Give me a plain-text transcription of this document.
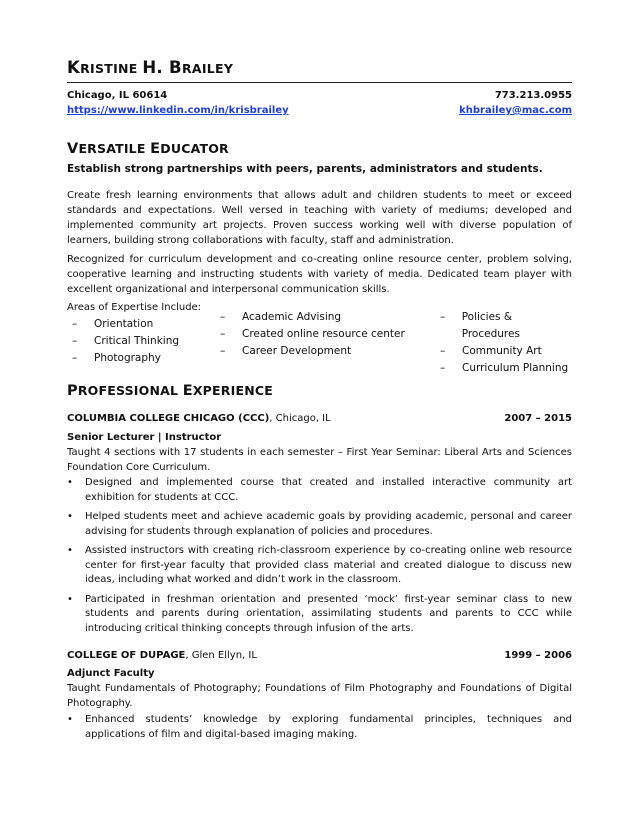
KRISTINE H. BRAILEY
Chicago, IL 60614	773.213.0955
https://www.linkedin.com/in/krisbrailey	khbrailey@mac.com
VERSATILE EDUCATOR
Establish strong partnerships with peers, parents, administrators and students.
Create fresh learning environments that allows adult and children students to meet or exceed standards and expectations. Well versed in teaching with variety of mediums; developed and implemented community art projects. Proven success working well with diverse population of learners, building strong collaborations with faculty, staff and administration.
Recognized for curriculum development and co-creating online resource center, problem solving, cooperative learning and instructing students with variety of media. Dedicated team player with excellent organizational and interpersonal communication skills.
Areas of Expertise Include:
–	Orientation
–	Critical Thinking
–	Photography
–	Academic Advising
–	Created online resource center
–	Career Development
–	Policies & Procedures
–	Community Art
–	Curriculum Planning
PROFESSIONAL EXPERIENCE
COLUMBIA COLLEGE CHICAGO (CCC), Chicago, IL	2007 – 2015
Senior Lecturer | Instructor
Taught 4 sections with 17 students in each semester – First Year Seminar: Liberal Arts and Sciences Foundation Core Curriculum.
• Designed and implemented course that created and installed interactive community art exhibition for students at CCC.
• Helped students meet and achieve academic goals by providing academic, personal and career advising for students through explanation of policies and procedures.
• Assisted instructors with creating rich-classroom experience by co-creating online web resource center for first-year faculty that provided class material and created dialogue to discuss new ideas, including what worked and didn’t work in the classroom.
• Participated in freshman orientation and presented ‘mock’ first-year seminar class to new students and parents during orientation, assimilating students and parents to CCC while introducing critical thinking concepts through infusion of the arts.
COLLEGE OF DUPAGE, Glen Ellyn, IL	1999 – 2006
Adjunct Faculty
Taught Fundamentals of Photography; Foundations of Film Photography and Foundations of Digital Photography.
• Enhanced students’ knowledge by exploring fundamental principles, techniques and applications of film and digital-based imaging making.
